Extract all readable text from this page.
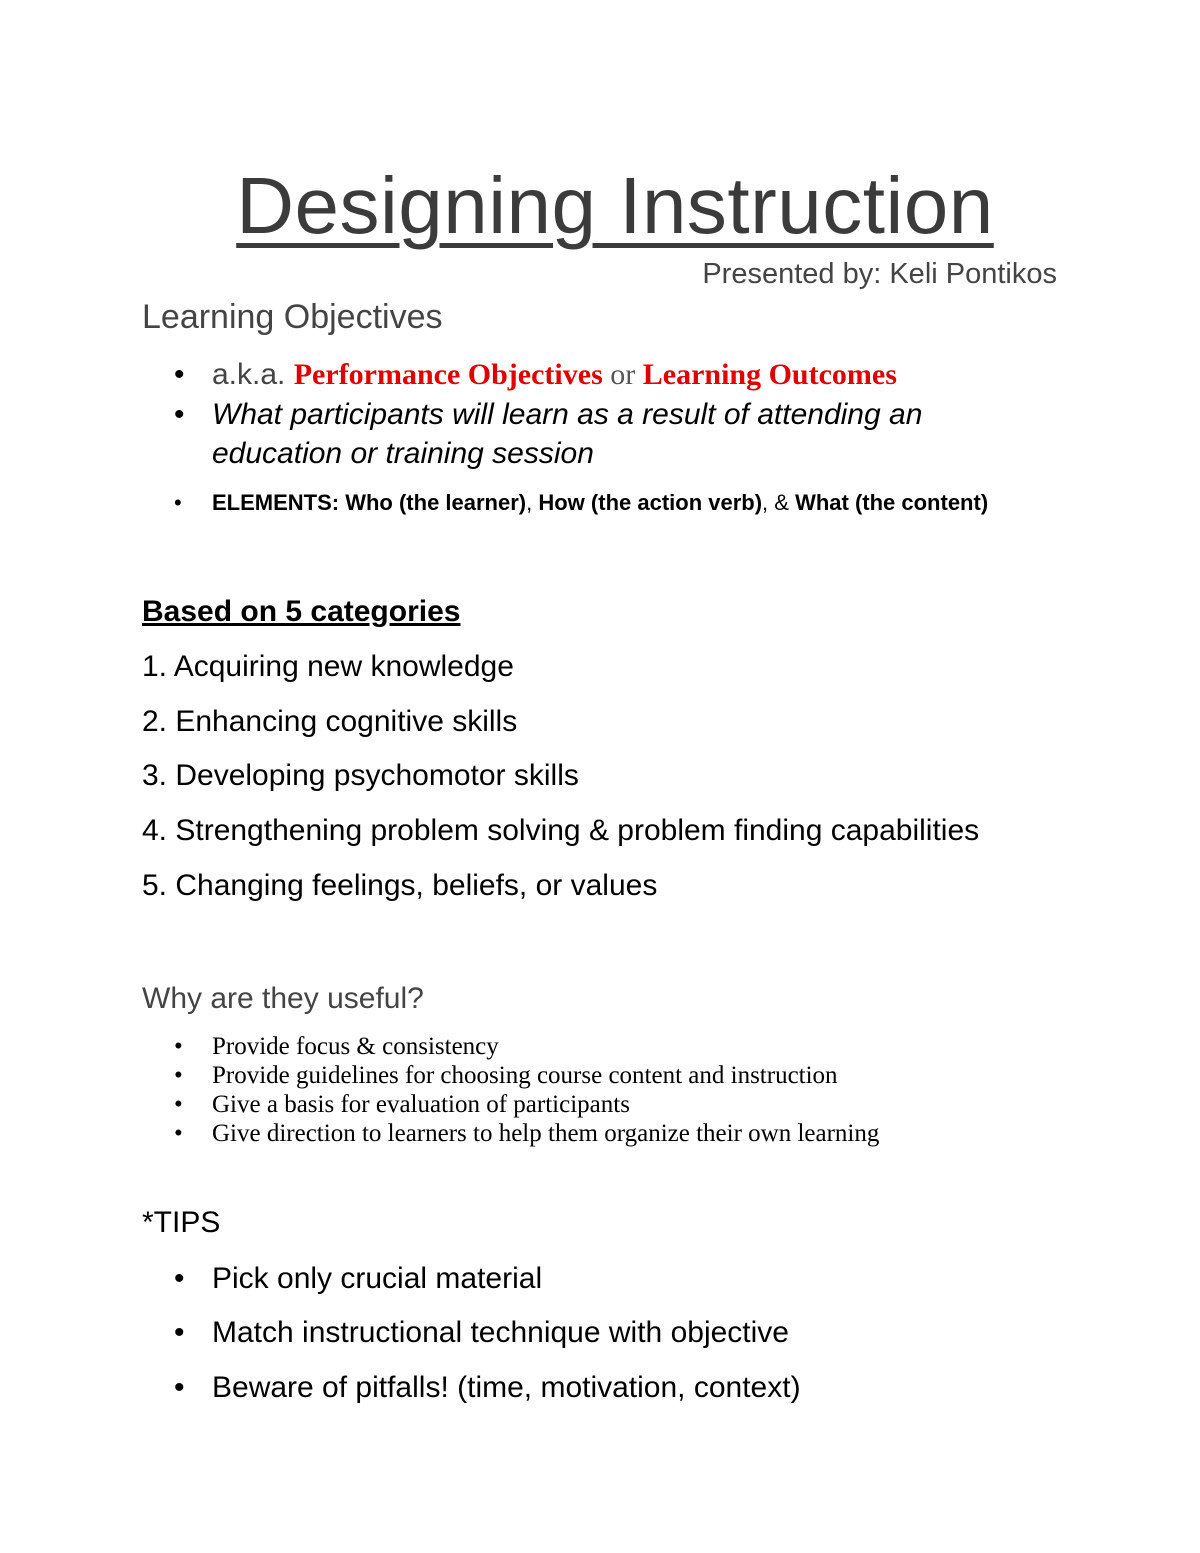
Designing Instruction
Presented by: Keli Pontikos
Learning Objectives
• a.k.a. Performance Objectives or Learning Outcomes
• What participants will learn as a result of attending an
education or training session
• ELEMENTS: Who (the learner), How (the action verb), & What (the content)
Based on 5 categories
1. Acquiring new knowledge
2. Enhancing cognitive skills
3. Developing psychomotor skills
4. Strengthening problem solving & problem finding capabilities
5. Changing feelings, beliefs, or values
Why are they useful?
• Provide focus & consistency
• Provide guidelines for choosing course content and instruction
• Give a basis for evaluation of participants
• Give direction to learners to help them organize their own learning
*TIPS
• Pick only crucial material
• Match instructional technique with objective
• Beware of pitfalls! (time, motivation, context)
